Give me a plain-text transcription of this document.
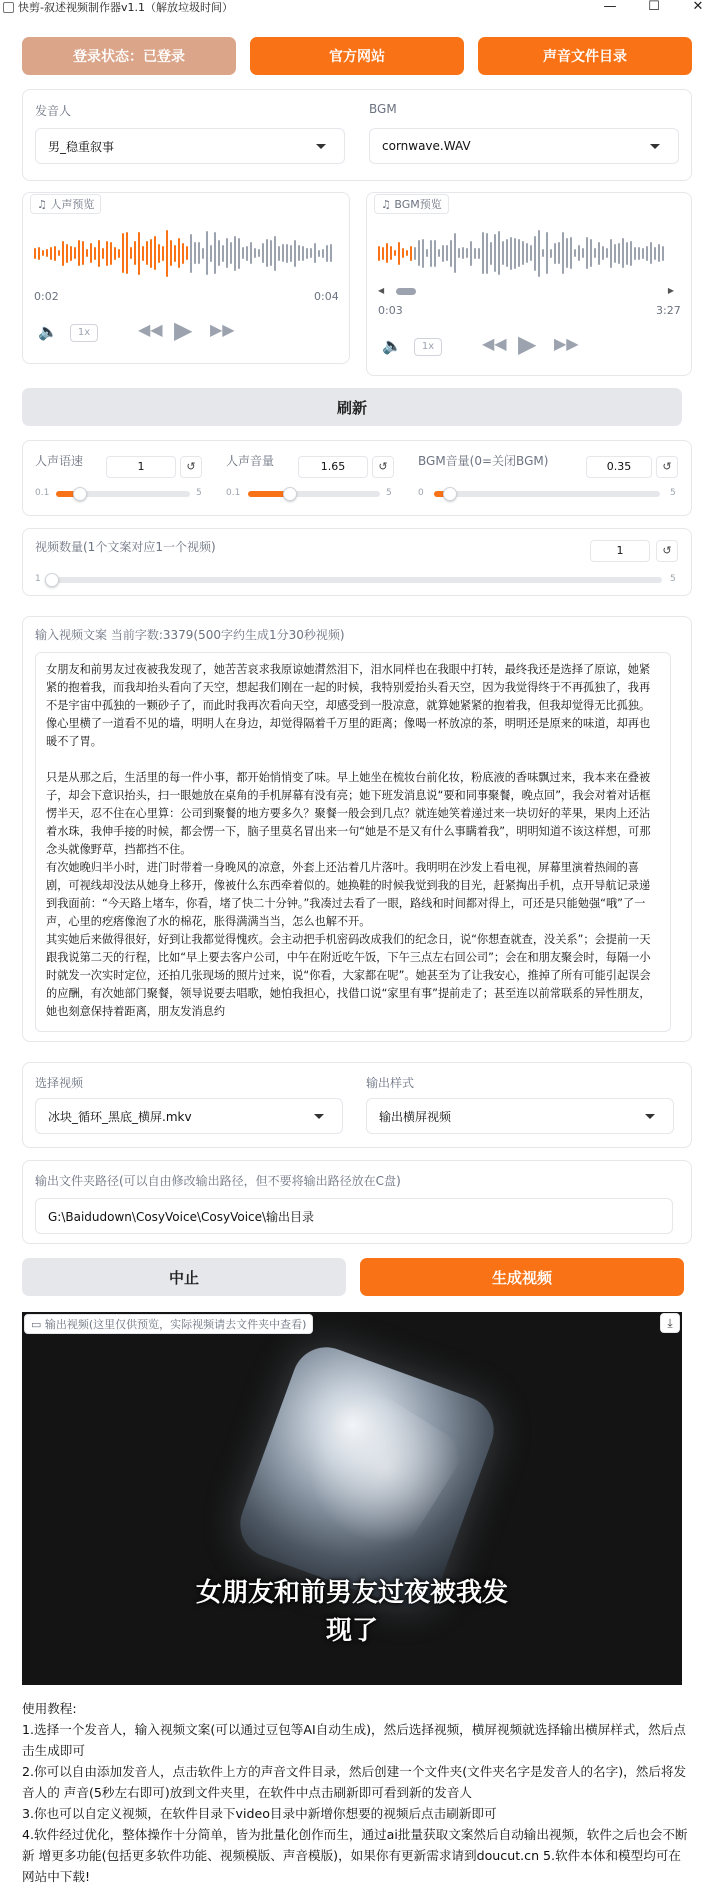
快剪-叙述视频制作器v1.1（解放垃圾时间）	—	☐	✕
登录状态：已登录	官方网站	声音文件目录
发音人
男_稳重叙事
BGM
cornwave.WAV
♫ 人声预览
0:02	0:04
🔈	1x	◀◀ ▶ ▶▶
♫ BGM预览
◀	▶
0:03	3:27
🔈	1x	◀◀ ▶ ▶▶
刷新
人声语速	1	↺
0.1	5
人声音量	1.65	↺
0.1	5
BGM音量(0=关闭BGM)	0.35	↺
0	5
视频数量(1个文案对应1一个视频)	1	↺
1	5
输入视频文案 当前字数:3379(500字约生成1分30秒视频)

女朋友和前男友过夜被我发现了，她苦苦哀求我原谅她潸然泪下，泪水同样也在我眼中打转，最终我还是选择了原谅，她紧紧的抱着我，而我却抬头看向了天空，想起我们刚在一起的时候，我特别爱抬头看天空，因为我觉得终于不再孤独了，我再不是宇宙中孤独的一颗砂子了，而此时我再次看向天空，却感受到一股凉意，就算她紧紧的抱着我，但我却觉得无比孤独。像心里横了一道看不见的墙，明明人在身边，却觉得隔着千万里的距离；像喝一杯放凉的茶，明明还是原来的味道，却再也暖不了胃。

只是从那之后，生活里的每一件小事，都开始悄悄变了味。早上她坐在梳妆台前化妆，粉底液的香味飘过来，我本来在叠被子，却会下意识抬头，扫一眼她放在桌角的手机屏幕有没有亮；她下班发消息说“要和同事聚餐，晚点回”，我会对着对话框愣半天，忍不住在心里算：公司到聚餐的地方要多久？聚餐一般会到几点？就连她笑着递过来一块切好的苹果，果肉上还沾着水珠，我伸手接的时候，都会愣一下，脑子里莫名冒出来一句“她是不是又有什么事瞒着我”，明明知道不该这样想，可那念头就像野草，挡都挡不住。

有次她晚归半小时，进门时带着一身晚风的凉意，外套上还沾着几片落叶。我明明在沙发上看电视，屏幕里演着热闹的喜剧，可视线却没法从她身上移开，像被什么东西牵着似的。她换鞋的时候我觉到我的目光，赶紧掏出手机，点开导航记录递到我面前：“今天路上堵车，你看，堵了快二十分钟。”我凑过去看了一眼，路线和时间都对得上，可还是只能勉强“哦”了一声，心里的疙瘩像泡了水的棉花，胀得满满当当，怎么也解不开。

其实她后来做得很好，好到让我都觉得愧疚。会主动把手机密码改成我们的纪念日，说“你想查就查，没关系”；会提前一天跟我说第二天的行程，比如“早上要去客户公司，中午在附近吃午饭，下午三点左右回公司”；会在和朋友聚会时，每隔一小时就发一次实时定位，还拍几张现场的照片过来，说“你看，大家都在呢”。她甚至为了让我安心，推掉了所有可能引起误会的应酬，有次她部门聚餐，领导说要去唱歌，她怕我担心，找借口说“家里有事”提前走了；甚至连以前常联系的异性朋友，她也刻意保持着距离，朋友发消息约

选择视频
冰块_循环_黑底_横屏.mkv
输出样式
输出横屏视频
输出文件夹路径(可以自由修改输出路径，但不要将输出路径放在C盘)
G:\Baidudown\CosyVoice\CosyVoice\输出目录
中止	生成视频
▭ 输出视频(这里仅供预览，实际视频请去文件夹中查看)	⤓
女朋友和前男友过夜被我发
现了
使用教程:
1.选择一个发音人，输入视频文案(可以通过豆包等AI自动生成)，然后选择视频，横屏视频就选择输出横屏样式，然后点击生成即可
2.你可以自由添加发音人，点击软件上方的声音文件目录，然后创建一个文件夹(文件夹名字是发音人的名字)，然后将发音人的 声音(5秒左右即可)放到文件夹里，在软件中点击刷新即可看到新的发音人
3.你也可以自定义视频，在软件目录下video目录中新增你想要的视频后点击刷新即可
4.软件经过优化，整体操作十分简单，皆为批量化创作而生，通过ai批量获取文案然后自动输出视频，软件之后也会不断新 增更多功能(包括更多软件功能、视频模版、声音模版)，如果你有更新需求请到doucut.cn 5.软件本体和模型均可在网站中下载!
